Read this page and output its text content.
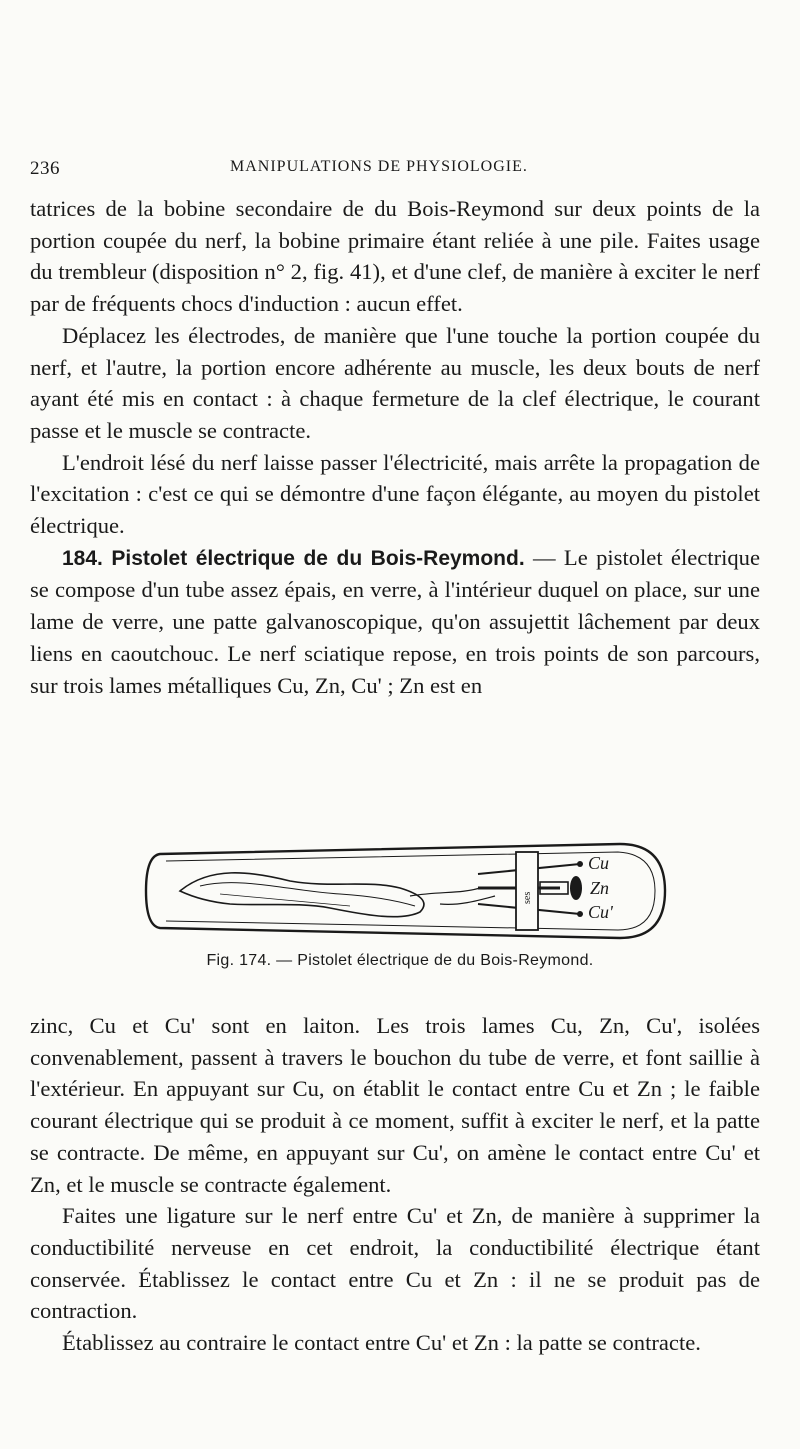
236	MANIPULATIONS DE PHYSIOLOGIE.

tatrices de la bobine secondaire de du Bois-Reymond sur deux points de la portion coupée du nerf, la bobine primaire étant reliée à une pile. Faites usage du trembleur (disposition n° 2, fig. 41), et d'une clef, de manière à exciter le nerf par de fréquents chocs d'induction : aucun effet.

Déplacez les électrodes, de manière que l'une touche la portion coupée du nerf, et l'autre, la portion encore adhérente au muscle, les deux bouts de nerf ayant été mis en contact : à chaque fermeture de la clef électrique, le courant passe et le muscle se contracte.

L'endroit lésé du nerf laisse passer l'électricité, mais arrête la propagation de l'excitation : c'est ce qui se démontre d'une façon élégante, au moyen du pistolet électrique.

184. Pistolet électrique de du Bois-Reymond. — Le pistolet électrique se compose d'un tube assez épais, en verre, à l'intérieur duquel on place, sur une lame de verre, une patte galvanoscopique, qu'on assujettit lâchement par deux liens en caoutchouc. Le nerf sciatique repose, en trois points de son parcours, sur trois lames métalliques Cu, Zn, Cu' ; Zn est en

ses
Cu
Zn
Cu'
Fig. 174. — Pistolet électrique de du Bois-Reymond.

zinc, Cu et Cu' sont en laiton. Les trois lames Cu, Zn, Cu', isolées convenablement, passent à travers le bouchon du tube de verre, et font saillie à l'extérieur. En appuyant sur Cu, on établit le contact entre Cu et Zn ; le faible courant électrique qui se produit à ce moment, suffit à exciter le nerf, et la patte se contracte. De même, en appuyant sur Cu', on amène le contact entre Cu' et Zn, et le muscle se contracte également.

Faites une ligature sur le nerf entre Cu' et Zn, de manière à supprimer la conductibilité nerveuse en cet endroit, la conductibilité électrique étant conservée. Établissez le contact entre Cu et Zn : il ne se produit pas de contraction.

Établissez au contraire le contact entre Cu' et Zn : la patte se contracte.
